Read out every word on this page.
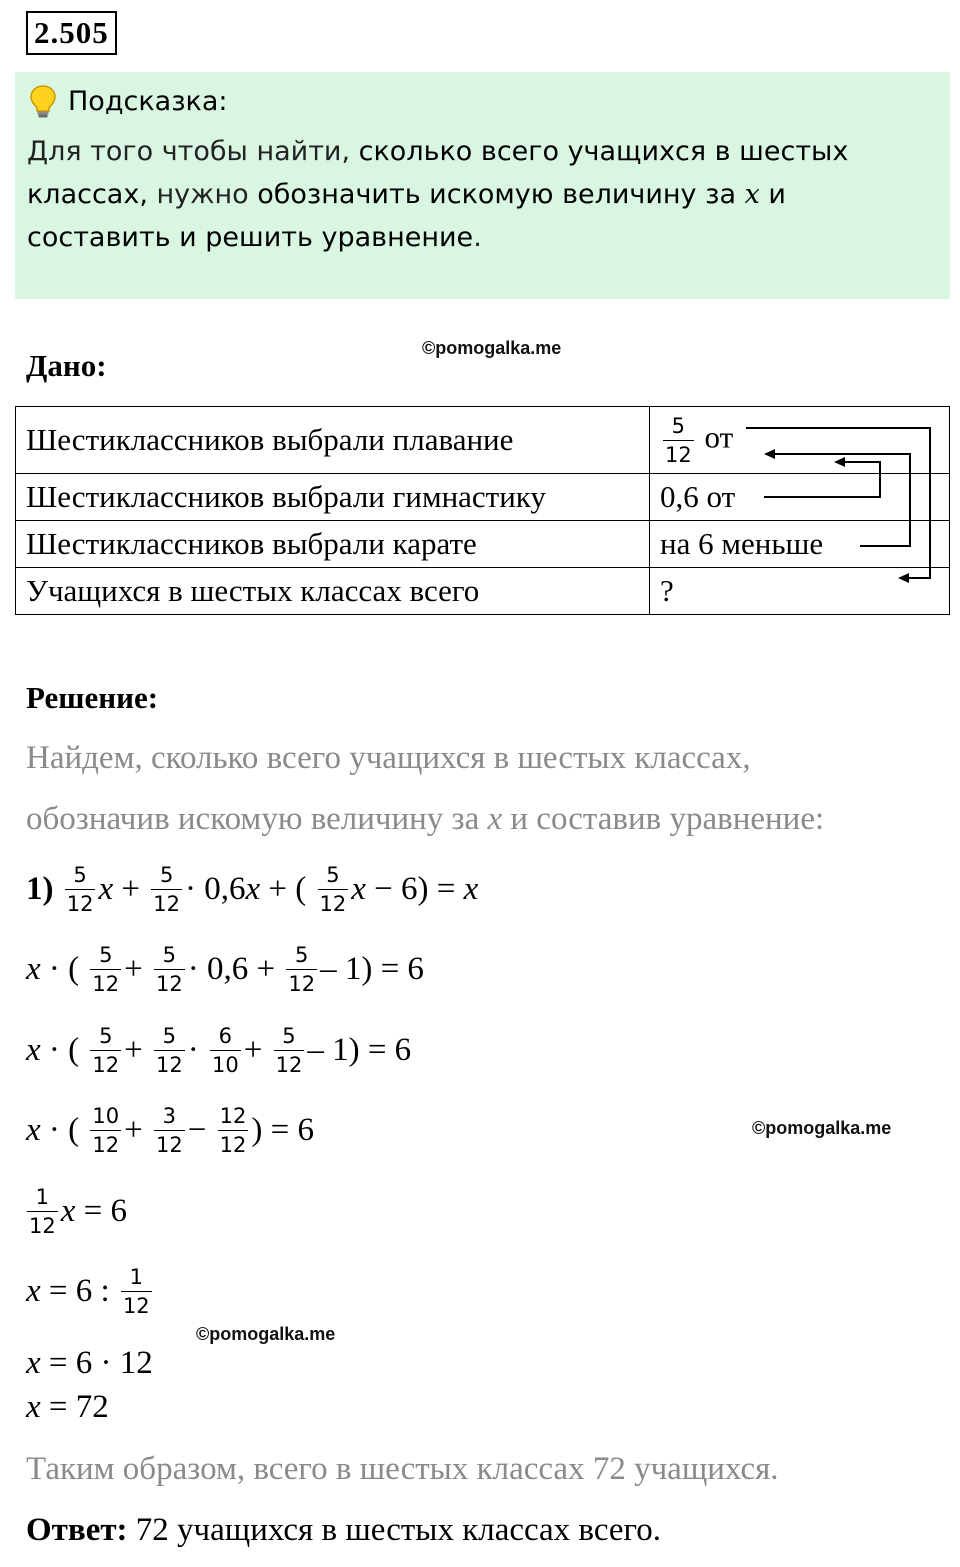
2.505
Подсказка:
Для того чтобы найти, сколько всего учащихся в шестых классах, нужно обозначить искомую величину за x и составить и решить уравнение.
Дано:	©pomogalka.me
Шестиклассников выбрали плавание	$\frac{5}{12}$ от
Шестиклассников выбрали гимнастику	0,6 от
Шестиклассников выбрали карате	на 6 меньше
Учащихся в шестых классах всего	?
Решение:
Найдем, сколько всего учащихся в шестых классах,
обозначив искомую величину за x и составив уравнение:
1)
$\frac{5}{12}$ $x + \frac{5}{12} \cdot 0,6$ x + ( $\frac{5}{12}$ x − 6) = x
x · ( $\frac{5}{12} + \frac{5}{12} \cdot 0,6 + \frac{5}{12} - 1) = 6$
x · ( $\frac{5}{12} + \frac{5}{12} \cdot \frac{6}{10} + \frac{5}{12} - 1) = 6$
x · ( $\frac{10}{12} + \frac{3}{12} - \frac{12}{12}$ ) = 6	©pomogalka.me
$\frac{1}{12}$ x = 6
x = 6 : $\frac{1}{12}$
©pomogalka.me
x = 6 · 12
x = 72
Таким образом, всего в шестых классах 72 учащихся.
Ответ: 72 учащихся в шестых классах всего.
